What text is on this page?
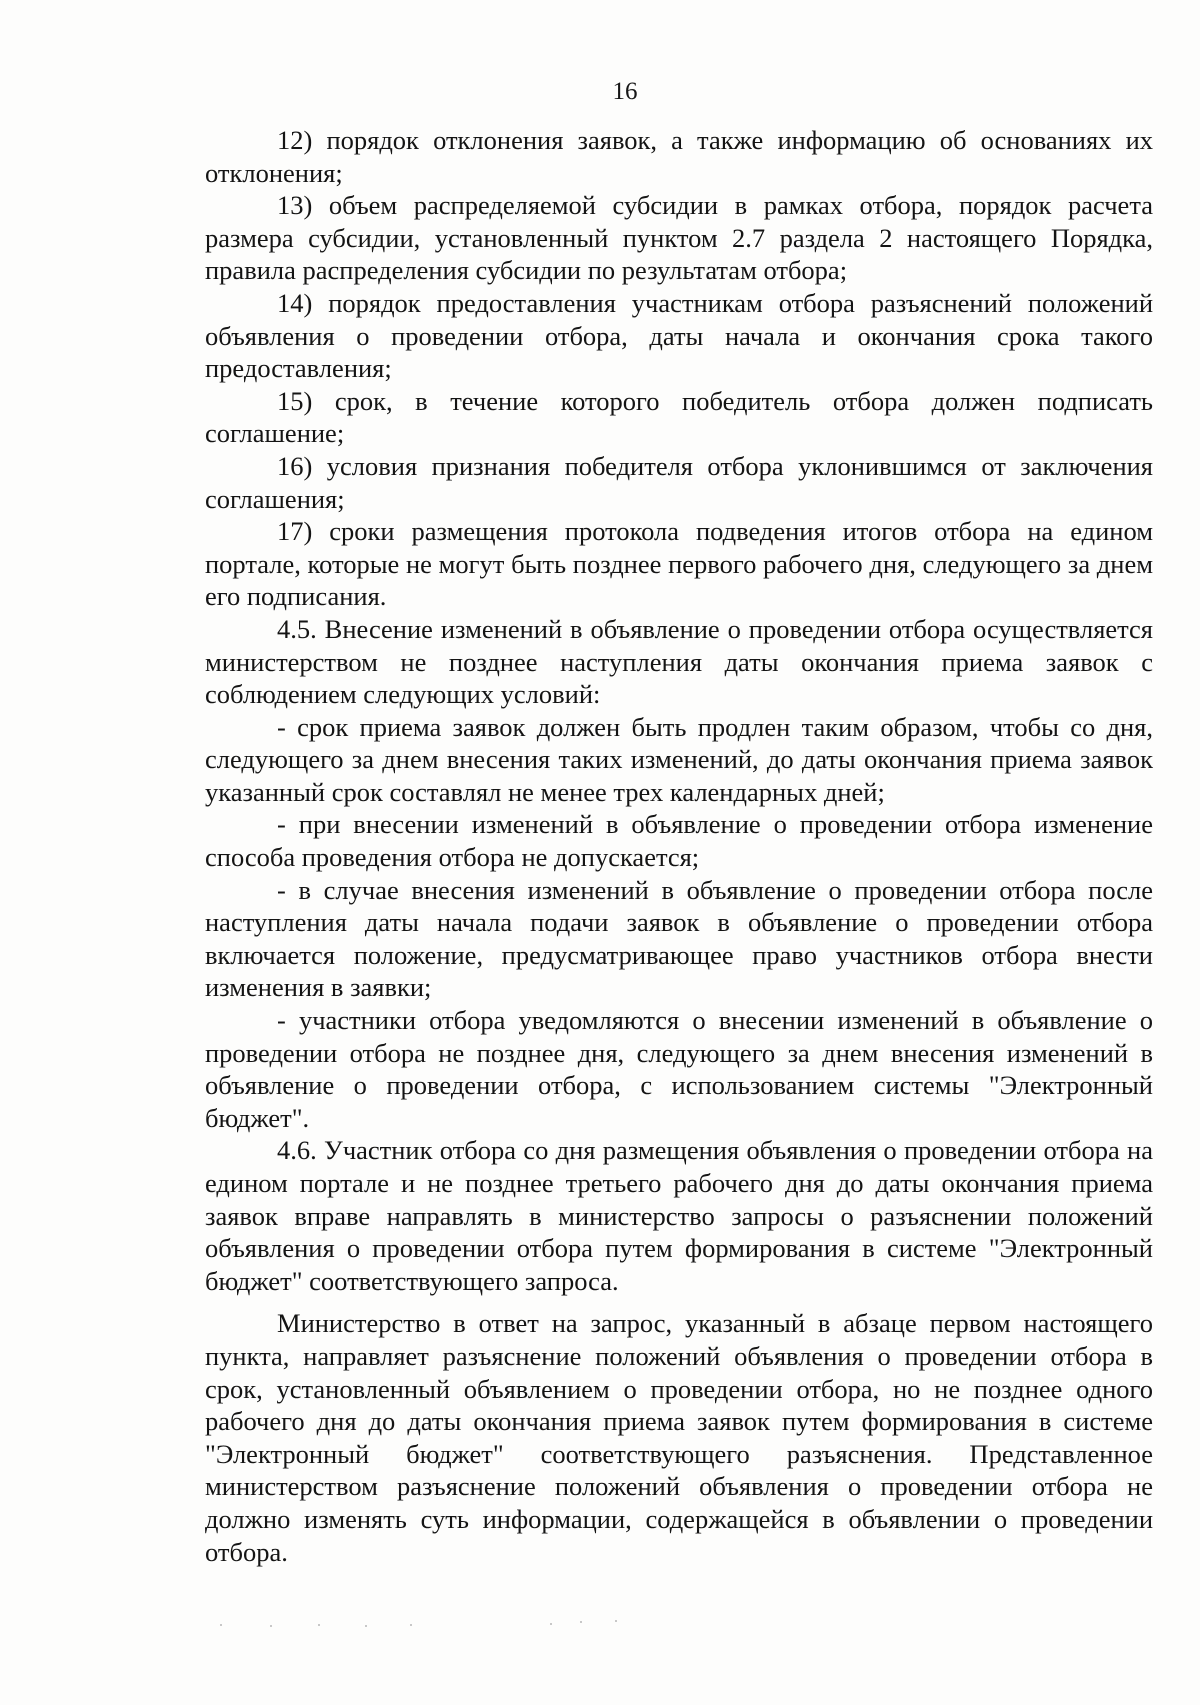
16

12) порядок отклонения заявок, а также информацию об основаниях их отклонения;

13) объем распределяемой субсидии в рамках отбора, порядок расчета размера субсидии, установленный пунктом 2.7 раздела 2 настоящего Порядка, правила распределения субсидии по результатам отбора;

14) порядок предоставления участникам отбора разъяснений положений объявления о проведении отбора, даты начала и окончания срока такого предоставления;

15) срок, в течение которого победитель отбора должен подписать соглашение;

16) условия признания победителя отбора уклонившимся от заключения соглашения;

17) сроки размещения протокола подведения итогов отбора на едином портале, которые не могут быть позднее первого рабочего дня, следующего за днем его подписания.

4.5. Внесение изменений в объявление о проведении отбора осуществляется министерством не позднее наступления даты окончания приема заявок с соблюдением следующих условий:

- срок приема заявок должен быть продлен таким образом, чтобы со дня, следующего за днем внесения таких изменений, до даты окончания приема заявок указанный срок составлял не менее трех календарных дней;

- при внесении изменений в объявление о проведении отбора изменение способа проведения отбора не допускается;

- в случае внесения изменений в объявление о проведении отбора после наступления даты начала подачи заявок в объявление о проведении отбора включается положение, предусматривающее право участников отбора внести изменения в заявки;

- участники отбора уведомляются о внесении изменений в объявление о проведении отбора не позднее дня, следующего за днем внесения изменений в объявление о проведении отбора, с использованием системы "Электронный бюджет".

4.6. Участник отбора со дня размещения объявления о проведении отбора на едином портале и не позднее третьего рабочего дня до даты окончания приема заявок вправе направлять в министерство запросы о разъяснении положений объявления о проведении отбора путем формирования в системе "Электронный бюджет" соответствующего запроса.

Министерство в ответ на запрос, указанный в абзаце первом настоящего пункта, направляет разъяснение положений объявления о проведении отбора в срок, установленный объявлением о проведении отбора, но не позднее одного рабочего дня до даты окончания приема заявок путем формирования в системе "Электронный бюджет" соответствующего разъяснения. Представленное министерством разъяснение положений объявления о проведении отбора не должно изменять суть информации, содержащейся в объявлении о проведении отбора.
